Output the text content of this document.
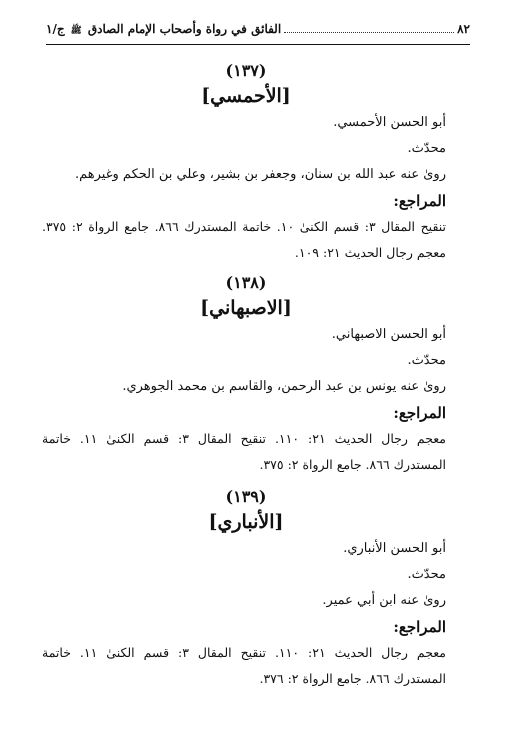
٨٢
الفائق في رواة وأصحاب الإمام الصادق ﷺ ج/١
(١٣٧)
[الأحمسي]
أبو الحسن الأحمسي.
محدّث.
رویٰ عنه عبد الله بن سنان، وجعفر بن بشير، وعلي بن الحكم وغيرهم.
المراجع:
تنقيح المقال ٣: قسم الكنىٰ ١٠. خاتمة المستدرك ٨٦٦. جامع الرواة ٢: ٣٧٥. معجم رجال الحديث ٢١: ١٠٩.
(١٣٨)
[الاصبهاني]
أبو الحسن الاصبهاني.
محدّث.
رویٰ عنه يونس بن عبد الرحمن، والقاسم بن محمد الجوهري.
المراجع:
معجم رجال الحديث ٢١: ١١٠. تنقيح المقال ٣: قسم الكنىٰ ١١. خاتمة المستدرك ٨٦٦. جامع الرواة ٢: ٣٧٥.
(١٣٩)
[الأنباري]
أبو الحسن الأنباري.
محدّث.
رویٰ عنه ابن أبي عمير.
المراجع:
معجم رجال الحديث ٢١: ١١٠. تنقيح المقال ٣: قسم الكنىٰ ١١. خاتمة المستدرك ٨٦٦. جامع الرواة ٢: ٣٧٦.
